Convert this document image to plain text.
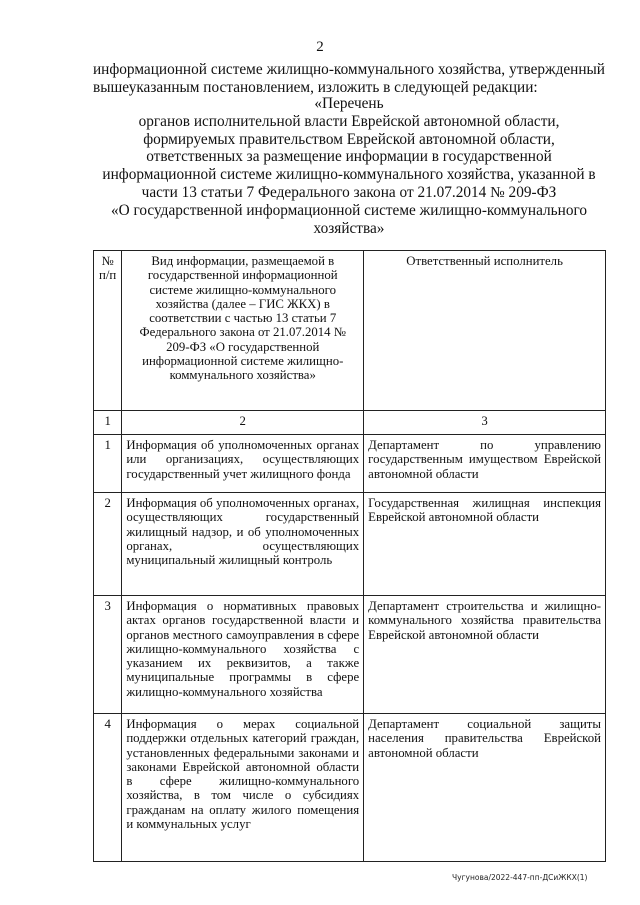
2
информационной системе жилищно-коммунального хозяйства, утвержденный вышеуказанным постановлением, изложить в следующей редакции:
«Перечень
органов исполнительной власти Еврейской автономной области,
формируемых правительством Еврейской автономной области,
ответственных за размещение информации в государственной
информационной системе жилищно-коммунального хозяйства, указанной в
части 13 статьи 7 Федерального закона от 21.07.2014 № 209-ФЗ
«О государственной информационной системе жилищно-коммунального
хозяйства»
№ п/п	Вид информации, размещаемой в государственной информационной системе жилищно-коммунального хозяйства (далее – ГИС ЖКХ) в соответствии с частью 13 статьи 7 Федерального закона от 21.07.2014 № 209-ФЗ «О государственной информационной системе жилищно-коммунального хозяйства»	Ответственный исполнитель
1	2	3
1	Информация об уполномоченных органах или организациях, осуществляющих государственный учет жилищного фонда	Департамент по управлению государственным имуществом Еврейской автономной области
2	Информация об уполномоченных органах, осуществляющих государственный жилищный надзор, и об уполномоченных органах, осуществляющих муниципальный жилищный контроль	Государственная жилищная инспекция Еврейской автономной области
3	Информация о нормативных правовых актах органов государственной власти и органов местного самоуправления в сфере жилищно-коммунального хозяйства с указанием их реквизитов, а также муниципальные программы в сфере жилищно-коммунального хозяйства	Департамент строительства и жилищно-коммунального хозяйства правительства Еврейской автономной области
4	Информация о мерах социальной поддержки отдельных категорий граждан, установленных федеральными законами и законами Еврейской автономной области в сфере жилищно-коммунального хозяйства, в том числе о субсидиях гражданам на оплату жилого помещения и коммунальных услуг	Департамент социальной защиты населения правительства Еврейской автономной области
Чугунова/2022-447-пп-ДСиЖКХ(1)
